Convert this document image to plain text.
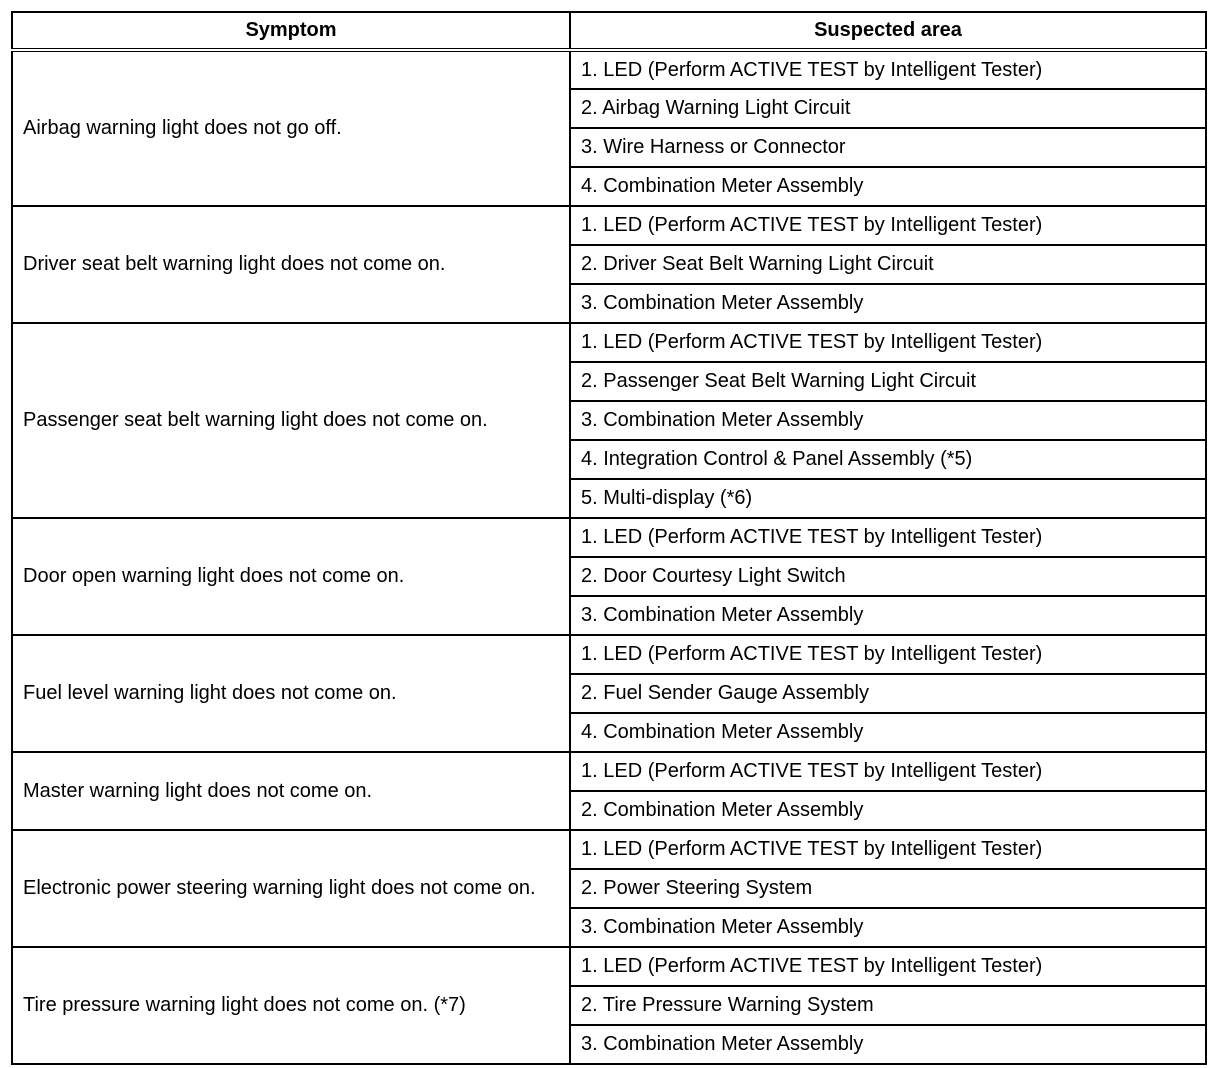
Symptom	Suspected area
Airbag warning light does not go off.	1. LED (Perform ACTIVE TEST by Intelligent Tester)
	2. Airbag Warning Light Circuit
	3. Wire Harness or Connector
	4. Combination Meter Assembly
Driver seat belt warning light does not come on.	1. LED (Perform ACTIVE TEST by Intelligent Tester)
	2. Driver Seat Belt Warning Light Circuit
	3. Combination Meter Assembly
Passenger seat belt warning light does not come on.	1. LED (Perform ACTIVE TEST by Intelligent Tester)
	2. Passenger Seat Belt Warning Light Circuit
	3. Combination Meter Assembly
	4. Integration Control & Panel Assembly (*5)
	5. Multi-display (*6)
Door open warning light does not come on.	1. LED (Perform ACTIVE TEST by Intelligent Tester)
	2. Door Courtesy Light Switch
	3. Combination Meter Assembly
Fuel level warning light does not come on.	1. LED (Perform ACTIVE TEST by Intelligent Tester)
	2. Fuel Sender Gauge Assembly
	4. Combination Meter Assembly
Master warning light does not come on.	1. LED (Perform ACTIVE TEST by Intelligent Tester)
	2. Combination Meter Assembly
Electronic power steering warning light does not come on.	1. LED (Perform ACTIVE TEST by Intelligent Tester)
	2. Power Steering System
	3. Combination Meter Assembly
Tire pressure warning light does not come on. (*7)	1. LED (Perform ACTIVE TEST by Intelligent Tester)
	2. Tire Pressure Warning System
	3. Combination Meter Assembly
